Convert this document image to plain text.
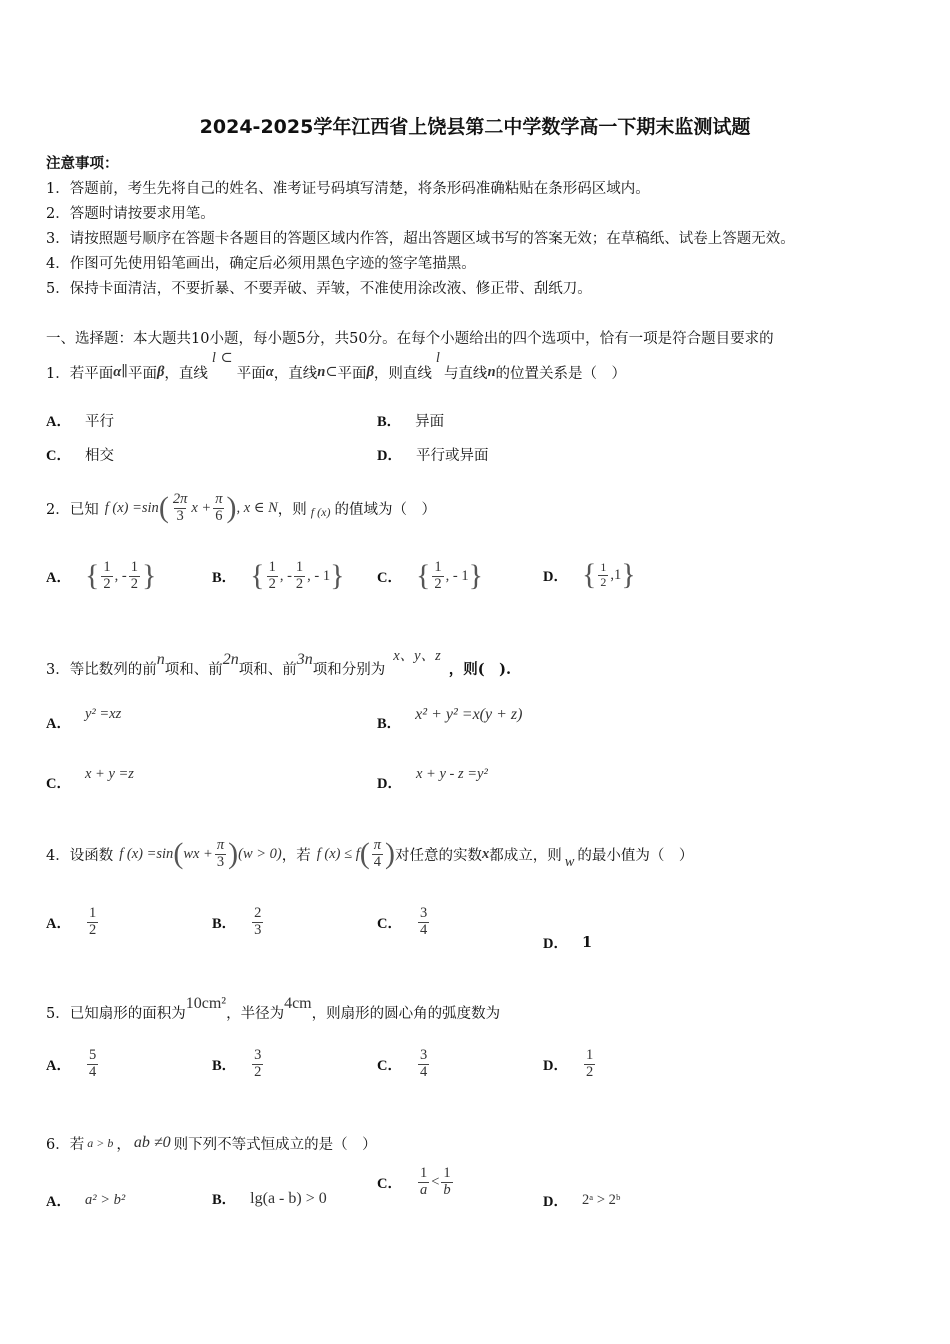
2024-2025学年江西省上饶县第二中学数学高一下期末监测试题
注意事项：
1．答题前，考生先将自己的姓名、准考证号码填写清楚，将条形码准确粘贴在条形码区域内。
2．答题时请按要求用笔。
3．请按照题号顺序在答题卡各题目的答题区域内作答，超出答题区域书写的答案无效；在草稿纸、试卷上答题无效。
4．作图可先使用铅笔画出，确定后必须用黑色字迹的签字笔描黑。
5．保持卡面清洁，不要折暴、不要弄破、弄皱，不准使用涂改液、修正带、刮纸刀。
一、选择题：本大题共10小题，每小题5分，共50分。在每个小题给出的四个选项中，恰有一项是符合题目要求的
1．若平面 α ∥ 平面 β ，直线
l ⊂
平面 α ，直线 n ⊂ 平面 β ，则直线
l
与直线 n 的位置关系是（　）
A． 平行	B． 异面
C． 相交	D． 平行或异面
2．已知 f (x) =sin ( $\frac{2\pi}{3}$ $x + \frac{\pi}{6}$ ) , x ∈ N ，则 f (x) 的值域为（　）
A． { $\frac{1}{2}$ , - $\frac{1}{2}$ }	B． { $\frac{1}{2}$ , - $\frac{1}{2}$ , - 1 } C． { $\frac{1}{2}$ , - 1 }	D． { $\frac{1}{2} ,1$ }
3．等比数列的前
n
项和、前
2n
项和、前
3n
项和分别为
x、y、z
，则(　).
A．
y² =xz
B．
x² + y² =x(y + z)
C．
x + y =z
D．
x + y - z =y²
4．设函数 f (x) =sin ( wx + $\frac{\pi}{3}$ ) (w > 0) ，若 f (x) ≤ f ( $\frac{\pi}{4}$ ) 对任意的实数 x 都成立，则 w 的最小值为（　）
A． $\frac{1}{2}$	B． $\frac{2}{3}$	C． $\frac{3}{4}$
D． 1
5．已知扇形的面积为
10cm²
，半径为
4cm
，则扇形的圆心角的弧度数为
A． $\frac{5}{4}$	B． $\frac{3}{2}$	C． $\frac{3}{4}$	D． $\frac{1}{2}$
6．若 a > b ， ab ≠0 则下列不等式恒成立的是（　）
A． a² > b²	B． lg(a - b) > 0
C． $\frac{1}{a} < \frac{1}{b}$
D． 2ᵃ > 2ᵇ
